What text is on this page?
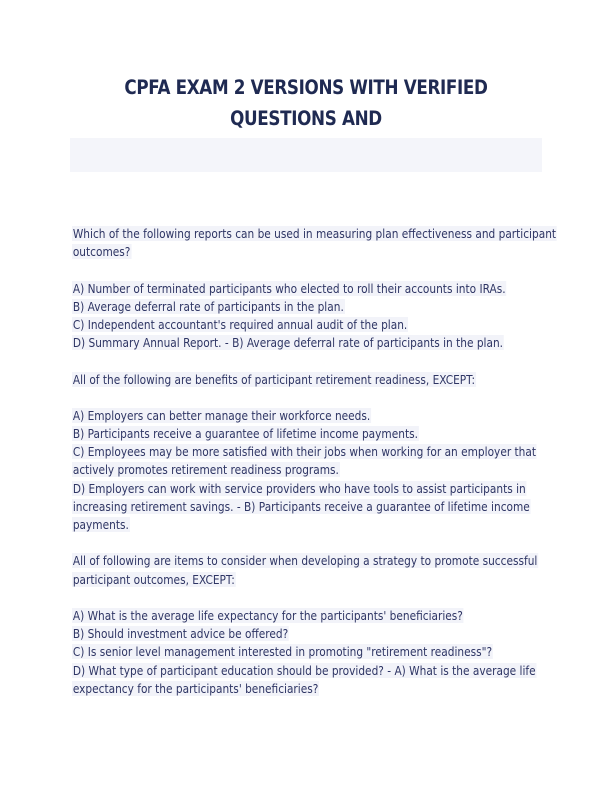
CPFA EXAM 2 VERSIONS WITH VERIFIED QUESTIONS AND
Which of the following reports can be used in measuring plan effectiveness and participant
outcomes?
A) Number of terminated participants who elected to roll their accounts into IRAs.
B) Average deferral rate of participants in the plan.
C) Independent accountant's required annual audit of the plan.
D) Summary Annual Report. - B) Average deferral rate of participants in the plan.
All of the following are benefits of participant retirement readiness, EXCEPT:
A) Employers can better manage their workforce needs.
B) Participants receive a guarantee of lifetime income payments.
C) Employees may be more satisfied with their jobs when working for an employer that
actively promotes retirement readiness programs.
D) Employers can work with service providers who have tools to assist participants in
increasing retirement savings. - B) Participants receive a guarantee of lifetime income
payments.
All of following are items to consider when developing a strategy to promote successful
participant outcomes, EXCEPT:
A) What is the average life expectancy for the participants' beneficiaries?
B) Should investment advice be offered?
C) Is senior level management interested in promoting "retirement readiness"?
D) What type of participant education should be provided? - A) What is the average life
expectancy for the participants' beneficiaries?
